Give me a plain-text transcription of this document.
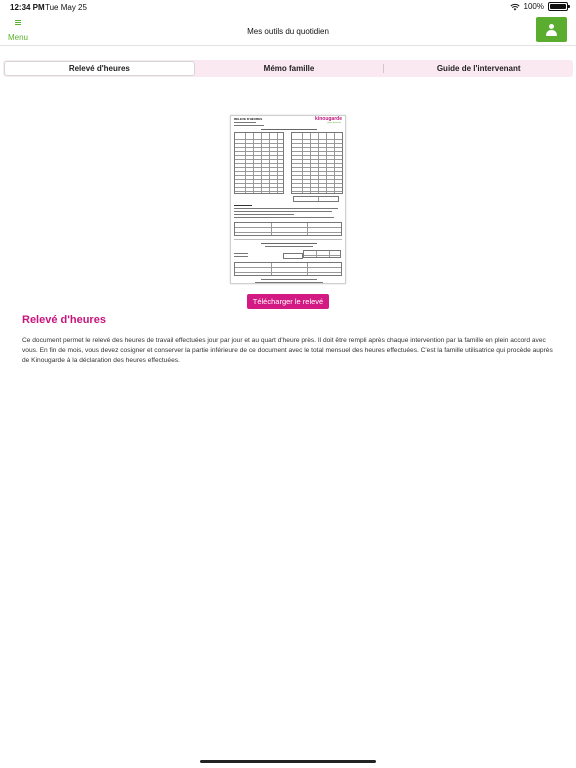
12:34 PM Tue May 25	100%
Menu
Mes outils du quotidien
Relevé d'heures	Mémo famille	Guide de l'intervenant
RELEVE D'HEURES	kinougarde
garde d'enfants
Télécharger le relevé
Relevé d'heures

Ce document permet le relevé des heures de travail effectuées jour par jour et au quart d'heure près. Il doit être rempli après chaque intervention par la famille en plein accord avec vous. En fin de mois, vous devez cosigner et conserver la partie inférieure de ce document avec le total mensuel des heures effectuées. C'est la famille utilisatrice qui procède auprès de Kinougarde à la déclaration des heures effectuées.
